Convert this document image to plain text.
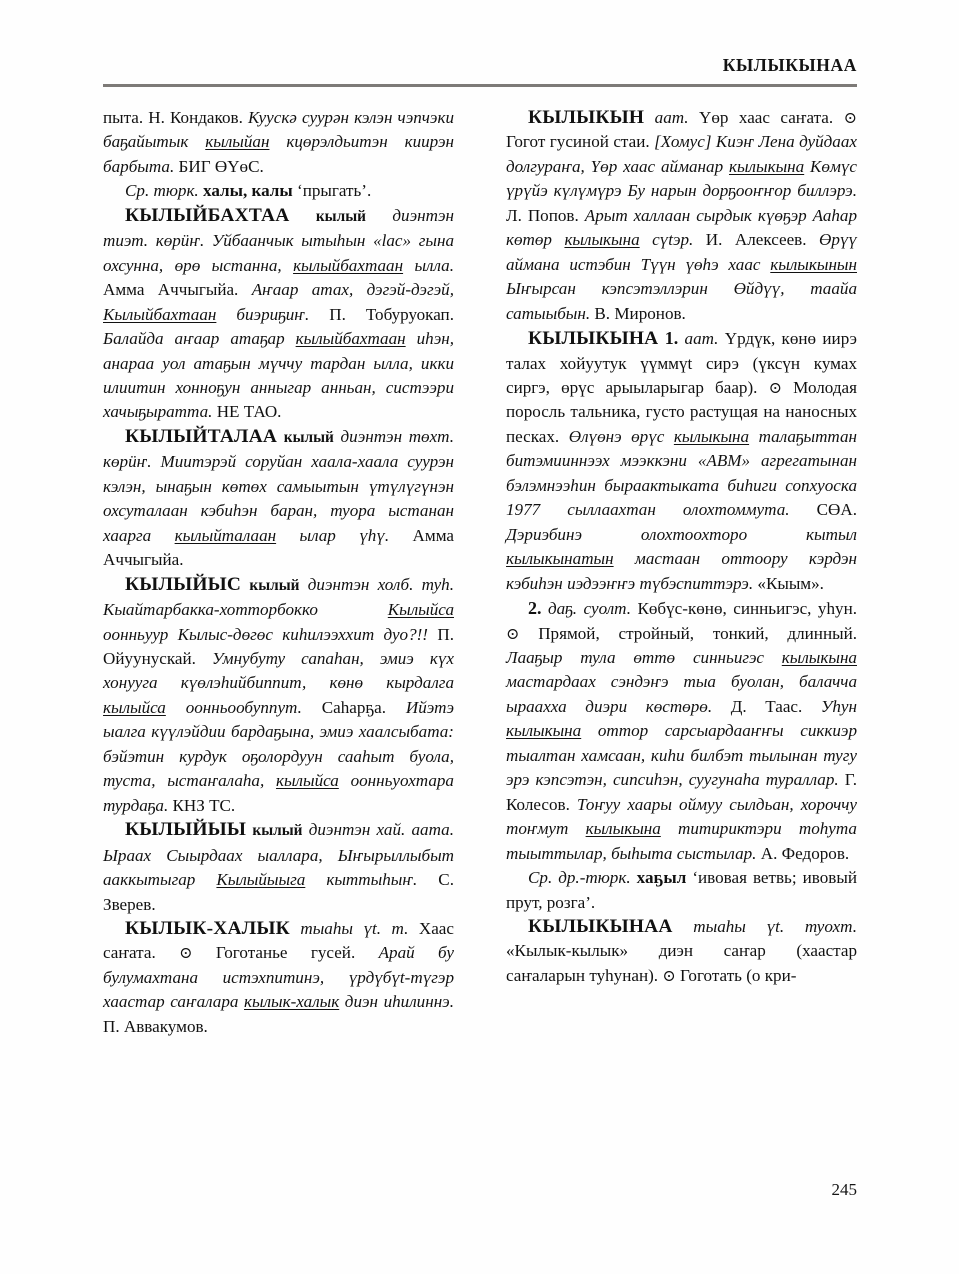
КЫЛЫКЫНАА

пыта. Н. Кондаков. Куускә суурән кэлэн чэпчэки баҕайытык кылыйан кцөрэлдьитэн киирэн барбыта. БИГ ӨҮөС.

Ср. тюрк. халы, калы ‘прыгать’.

КЫЛЫЙБАХТАА кылый диэнтэн тиэт. көрӥҥ. Уйбаанчык ытыhын «lас» гына охсунна, өрө ыстанна, кылыйбахтаан ылла. Амма Аччыгыйа. Аҥаар атах, дэгэй-дэгэй, Кылыйбахтаан биэриҕиҥ. П. Тобуруокап. Балайда аҥаар атаҕар кылыйбахтаан иhэн, анараа уол атаҕын мүччу тардан ылла, икки илиитин хонноҕун анныгар анньан, систээри хачыҕыратта. НЕ ТАО.

КЫЛЫЙТАЛАА кылый диэнтэн төхт. көрӥҥ. Миитэрэй соруйан хаала-хаала суурэн кэлэн, ынаҕын көтөх самыытын үтүлүгүнэн охсуталаан кэбиhэн баран, туора ыстанан хаарга кылыйталаан ылар үhү. Амма Аччыгыйа.

КЫЛЫЙЫС кылый диэнтэн холб. туh. Кыайтарбакка-хотторбокко	Кылыйса оонньуур Кылыс-дөгөс киhилээххит дуо?!! П. Ойуунускай. Умнубуту саnаhан, эмиэ күх хонууга күөлэhийбиппит, көнө кырдалга кылыйса оонньообуппут. Саhарҕа. Ийэтэ ыалга күүлэйдии бардаҕына, эмиэ хаалсыбата: бэйэтин курдук оҕолордуун сааhыт буола, туста, ыстаҥалаhа, кылыйса оонньуохтара турдаҕа. КНЗ ТС.

КЫЛЫЙЫЫ кылый диэнтэн хай. аата. Ыраах Сыырдаах ыаллара, Ыҥырыллыбыт ааккытыгар Кылыйыыга кыттыhыҥ. С. Зверев.

КЫЛЫК-ХАЛЫК тыаhы үt. т. Хаас саҥата. ⊙ Гоготанье гусей. Арай бу булумахтана истэхпитинэ, үрдүбүt-түгэр хаастар саҥалара кылык-халык диэн иhилиннэ. П. Аввакумов.

КЫЛЫКЫН аат. Үөр хаас саҥата. ⊙ Гогот гусиной стаи. [Хомус] Киэҥ Лена дуйдаах долгураҥа, Үөр хаас айманар кылыкына Көмүс үрүйэ күлүмүрэ Бу нарын дорҕооҥҥор биллэрэ. Л. Попов. Арыт халлаан сырдык күөҕэр Ааhар көтөр кылыкына сүtэр. И. Алексеев. Өрүү аймана истэбин Түүн үөhэ хаас кылыкынын Ыҥырсан кэпсэтэллэрин Өйдүү, таайа сатыыбын. В. Миронов.

КЫЛЫКЫНА 1. аат. Үрдүк, көнө иирэ талах хойуутук үүммүt сирэ (үксүн кумах сиргэ, өрүс арыыларыгар баар). ⊙ Молодая поросль тальника, густо растущая на наносных песках. Өлүөнэ өрүс кылыкына талаҕыттан битэмииннээх мээккэни «АВМ» агрегатынан бэлэмнээhин быраактыката биhиги сопхуоска 1977 сыллаахтан олохтоммута. СӨА. Дэриэбинэ олохтоохторо кытыл кылыкынатын мастаан оттоору кэрдэн кэбиhэн иэдээҥҥэ түбэспиттэрэ. «Кыым».

2. даҕ. суолт. Көбүс-көнө, синньигэс, уhун. ⊙ Прямой, стройный, тонкий, длинный. Лааҕыр тула өттө синньигэс кылыкына мастардаах сэндэҥэ тыа буолан, балачча ыраахха диэри көстөрө. Д. Таас. Уhун кылыкына оттор сарсыардааҥҥы сиккиэр тыалтан хамсаан, киhи билбэт тылынан тугу эрэ кэпсэтэн, сипсиhэн, суугунаhа тураллар. Г. Колесов. Тоҥуу хаары оймуу сылдьан, хороччу тоҥмут кылыкына титириктэри тоhута тыыттылар, быhыта сыстылар. А. Федоров.

Ср. др.-тюрк. хаҕыл ‘ивовая ветвь; ивовый прут, розга’.

КЫЛЫКЫНАА тыаhы үt. туохт. «Кылык-кылык» диэн саҥар (хаастар саҥаларын туhунан). ⊙ Гоготать (о кри-

245
